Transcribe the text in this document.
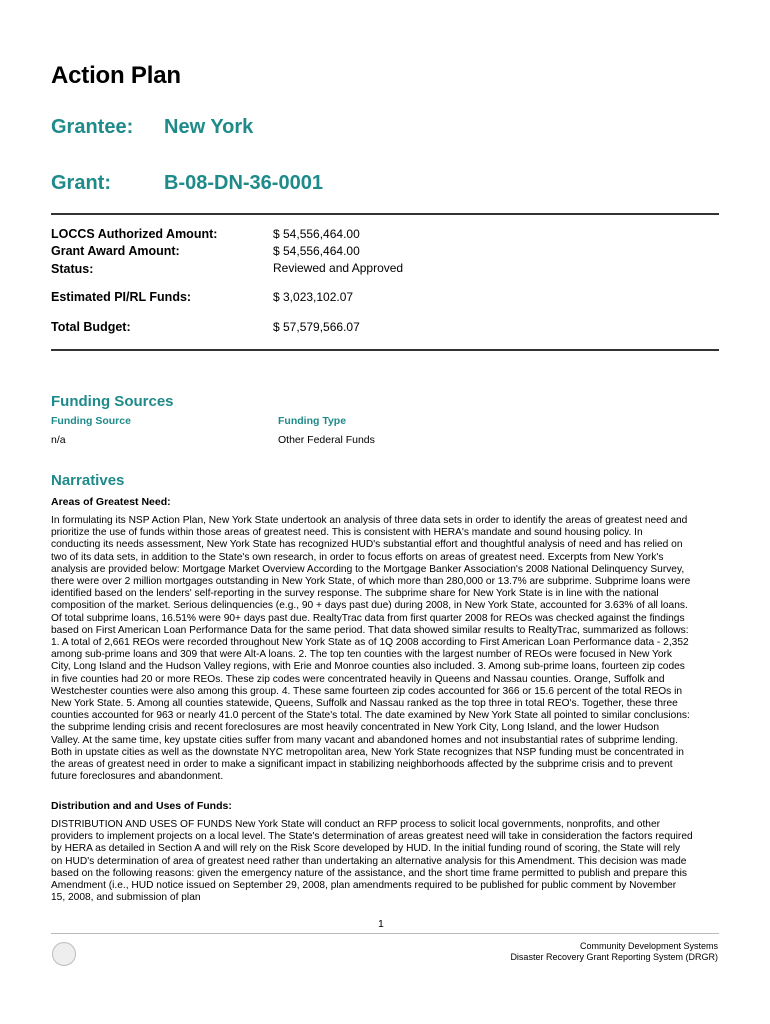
Action Plan
Grantee: New York
Grant:	B-08-DN-36-0001
LOCCS Authorized Amount:	$ 54,556,464.00
Grant Award Amount:	$ 54,556,464.00
Status:	Reviewed and Approved
Estimated PI/RL Funds:	$ 3,023,102.07
Total Budget:	$ 57,579,566.07
Funding Sources
Funding Source	Funding Type
n/a	Other Federal Funds
Narratives
Areas of Greatest Need:
In formulating its NSP Action Plan, New York State undertook an analysis of three data sets in order to identify the areas of greatest need and
prioritize the use of funds within those areas of greatest need. This is consistent with HERA's mandate and sound housing policy. In
conducting its needs assessment, New York State has recognized HUD's substantial effort and thoughtful analysis of need and has relied on
two of its data sets, in addition to the State's own research, in order to focus efforts on areas of greatest need. Excerpts from New York's
analysis are provided below: Mortgage Market Overview According to the Mortgage Banker Association's 2008 National Delinquency Survey,
there were over 2 million mortgages outstanding in New York State, of which more than 280,000 or 13.7% are subprime. Subprime loans were
identified based on the lenders' self-reporting in the survey response. The subprime share for New York State is in line with the national
composition of the market. Serious delinquencies (e.g., 90 + days past due) during 2008, in New York State, accounted for 3.63% of all loans.
Of total subprime loans, 16.51% were 90+ days past due. RealtyTrac data from first quarter 2008 for REOs was checked against the findings
based on First American Loan Performance Data for the same period. That data showed similar results to RealtyTrac, summarized as follows:
1. A total of 2,661 REOs were recorded throughout New York State as of 1Q 2008 according to First American Loan Performance data - 2,352
among sub-prime loans and 309 that were Alt-A loans. 2. The top ten counties with the largest number of REOs were focused in New York
City, Long Island and the Hudson Valley regions, with Erie and Monroe counties also included. 3. Among sub-prime loans, fourteen zip codes
in five counties had 20 or more REOs. These zip codes were concentrated heavily in Queens and Nassau counties. Orange, Suffolk and
Westchester counties were also among this group. 4. These same fourteen zip codes accounted for 366 or 15.6 percent of the total REOs in
New York State. 5. Among all counties statewide, Queens, Suffolk and Nassau ranked as the top three in total REO's. Together, these three
counties accounted for 963 or nearly 41.0 percent of the State's total. The date examined by New York State all pointed to similar conclusions:
the subprime lending crisis and recent foreclosures are most heavily concentrated in New York City, Long Island, and the lower Hudson
Valley. At the same time, key upstate cities suffer from many vacant and abandoned homes and not insubstantial rates of subprime lending.
Both in upstate cities as well as the downstate NYC metropolitan area, New York State recognizes that NSP funding must be concentrated in
the areas of greatest need in order to make a significant impact in stabilizing neighborhoods affected by the subprime crisis and to prevent
future foreclosures and abandonment.
Distribution and and Uses of Funds:
DISTRIBUTION AND USES OF FUNDS New York State will conduct an RFP process to solicit local governments, nonprofits, and other
providers to implement projects on a local level. The State's determination of areas greatest need will take in consideration the factors required
by HERA as detailed in Section A and will rely on the Risk Score developed by HUD. In the initial funding round of scoring, the State will rely
on HUD's determination of area of greatest need rather than undertaking an alternative analysis for this Amendment. This decision was made
based on the following reasons: given the emergency nature of the assistance, and the short time frame permitted to publish and prepare this
Amendment (i.e., HUD notice issued on September 29, 2008, plan amendments required to be published for public comment by November
15, 2008, and submission of plan
1
Community Development Systems
Disaster Recovery Grant Reporting System (DRGR)
